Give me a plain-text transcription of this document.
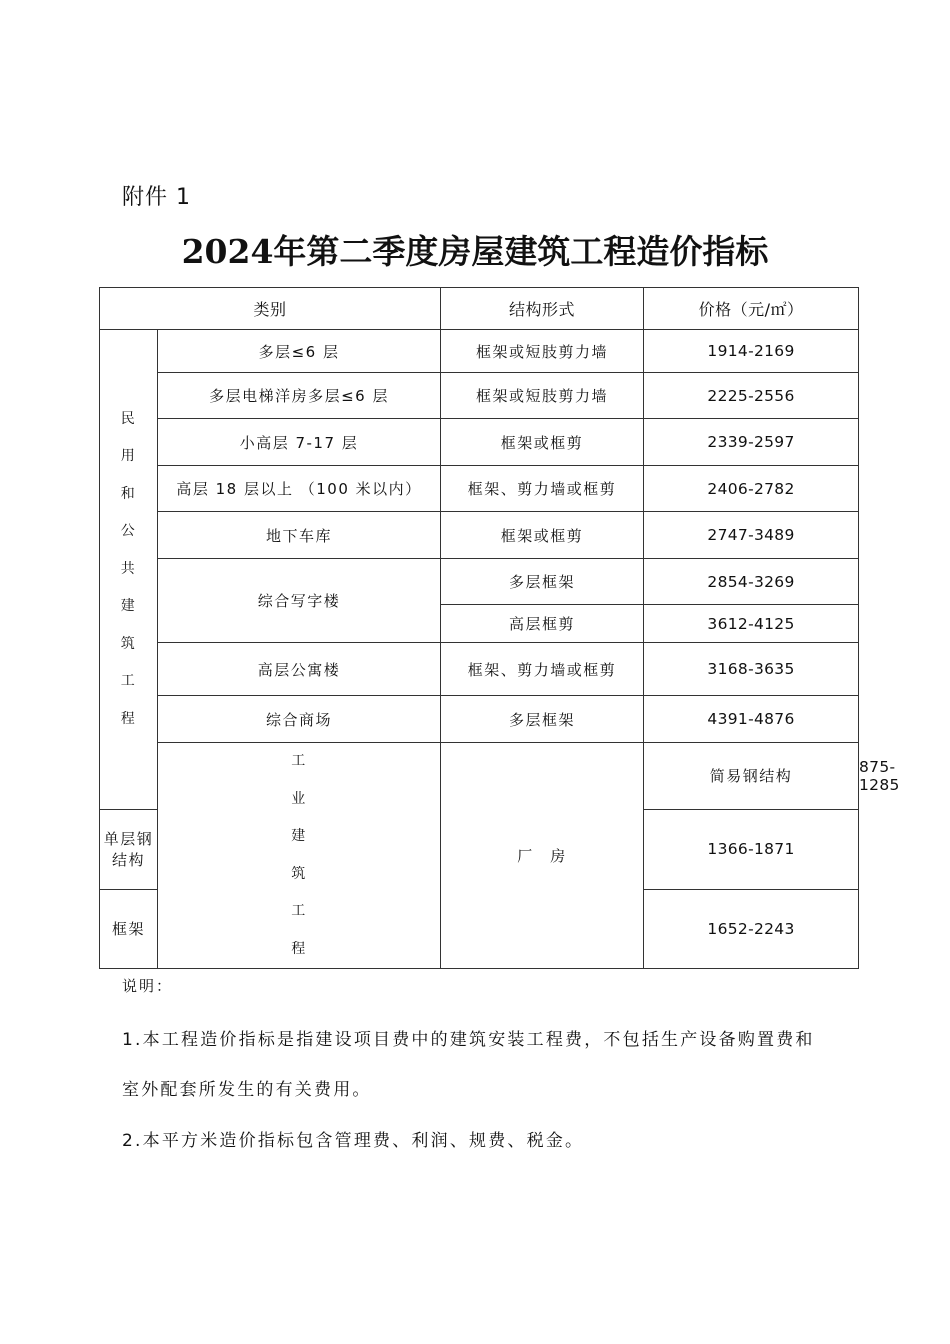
附件 1
2024年第二季度房屋建筑工程造价指标
类别		结构形式	价格（元/㎡）	
民用和公共建筑工程	多层≤6 层	框架或短肢剪力墙	1914-2169	
	多层电梯洋房多层≤6 层	框架或短肢剪力墙	2225-2556	
	小高层 7-17 层	框架或框剪	2339-2597	
	高层 18 层以上 （100 米以内）	框架、剪力墙或框剪	2406-2782	
	地下车库	框架或框剪	2747-3489	
	综合写字楼	多层框架	2854-3269	
		高层框剪	3612-4125	
	高层公寓楼	框架、剪力墙或框剪	3168-3635	
	综合商场	多层框架	4391-4876	
	工业建筑工程	厂　房	简易钢结构	875-1285
单层钢结构			1366-1871	
框架			1652-2243	
说明：
1.本工程造价指标是指建设项目费中的建筑安装工程费，不包括生产设备购置费和
室外配套所发生的有关费用。
2.本平方米造价指标包含管理费、利润、规费、税金。
